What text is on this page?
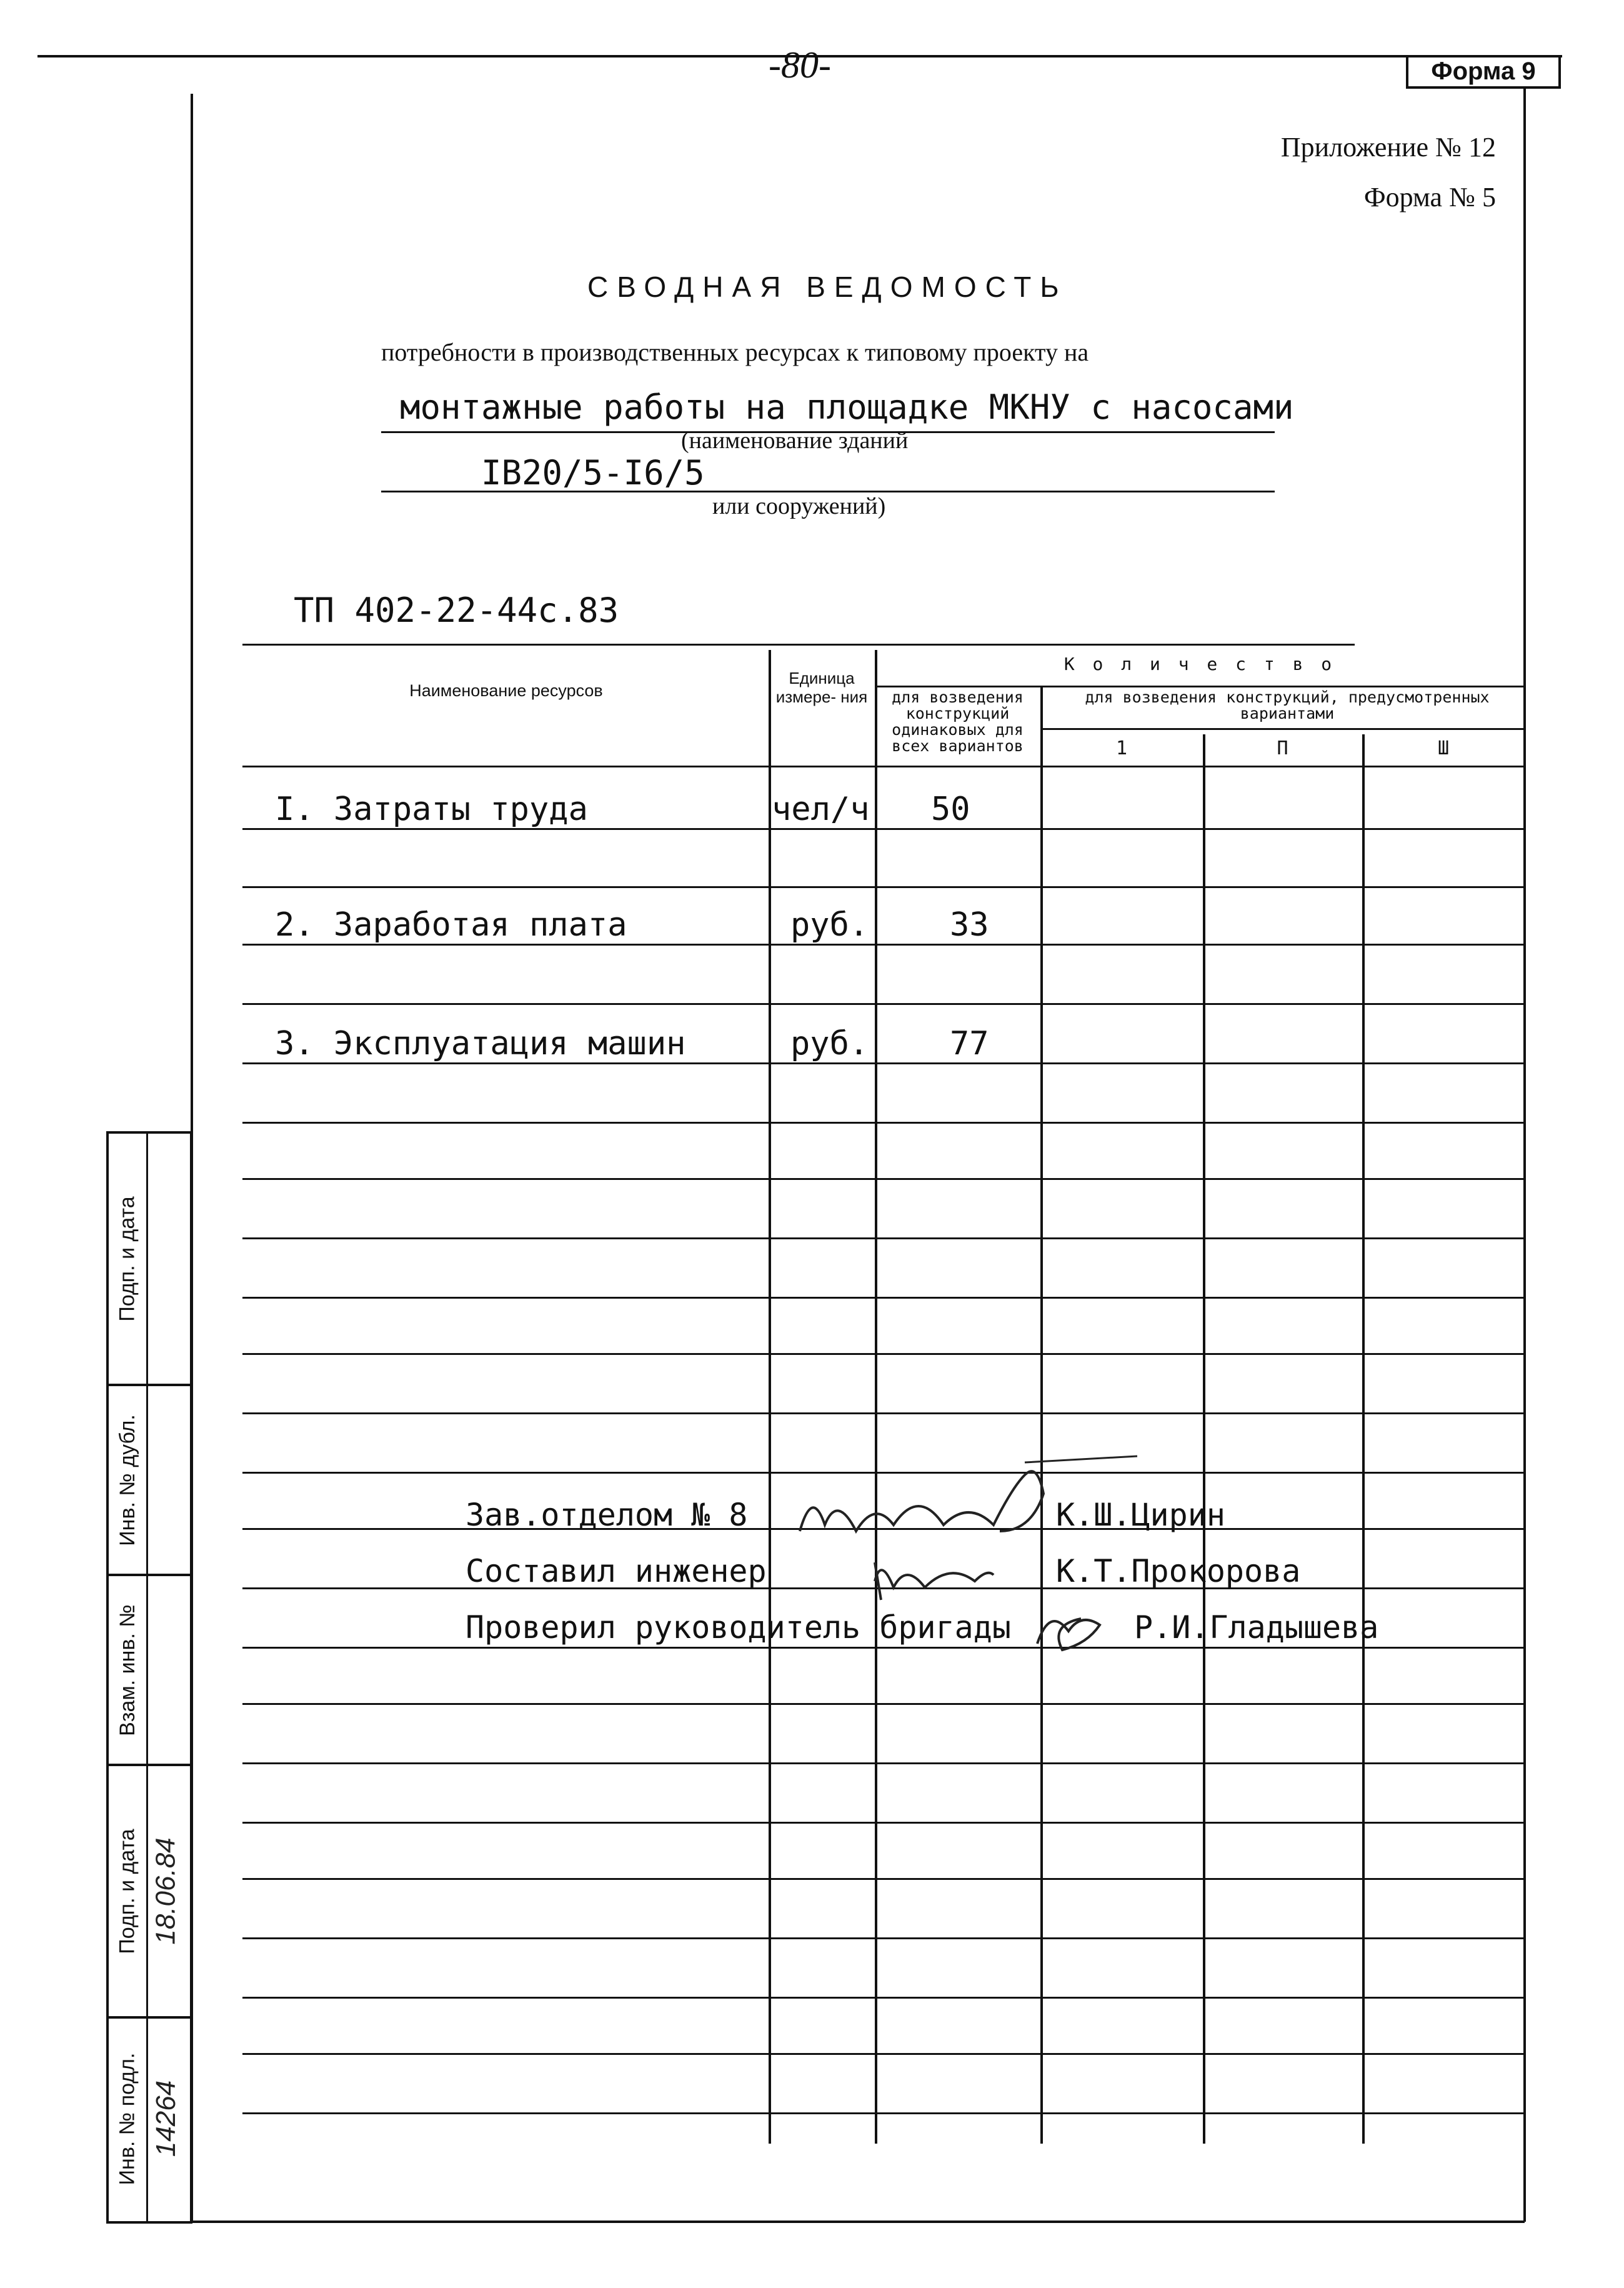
Форма 9
-80-
Приложение № 12
Форма № 5
СВОДНАЯ ВЕДОМОСТЬ
потребности в производственных ресурсах к типовому проекту на
монтажные работы на площадке МКНУ с насосами
(наименование зданий
IB20/5-I6/5
или сооружений)
ТП 402-22-44с.83
Наименование ресурсов
Единица измере- ния
К о л и ч е с т в о
для возведения конструкций одинаковых для всех вариантов
для возведения конструкций, предусмотренных вариантами
1	П	Ш
I. Затраты труда	чел/ч 50
2. Заработая плата	руб. 33
3. Эксплуатация машин	руб. 77
Зав.отделом № 8	К.Ш.Цирин
Составил инженер	К.Т.Прокорова
Проверил руководитель бригады	Р.И.Гладышева
Подп. и дата
Инв. № дубл.
Взам. инв. №
Подп. и дата 18.06.84
Инв. № подл. 14264
